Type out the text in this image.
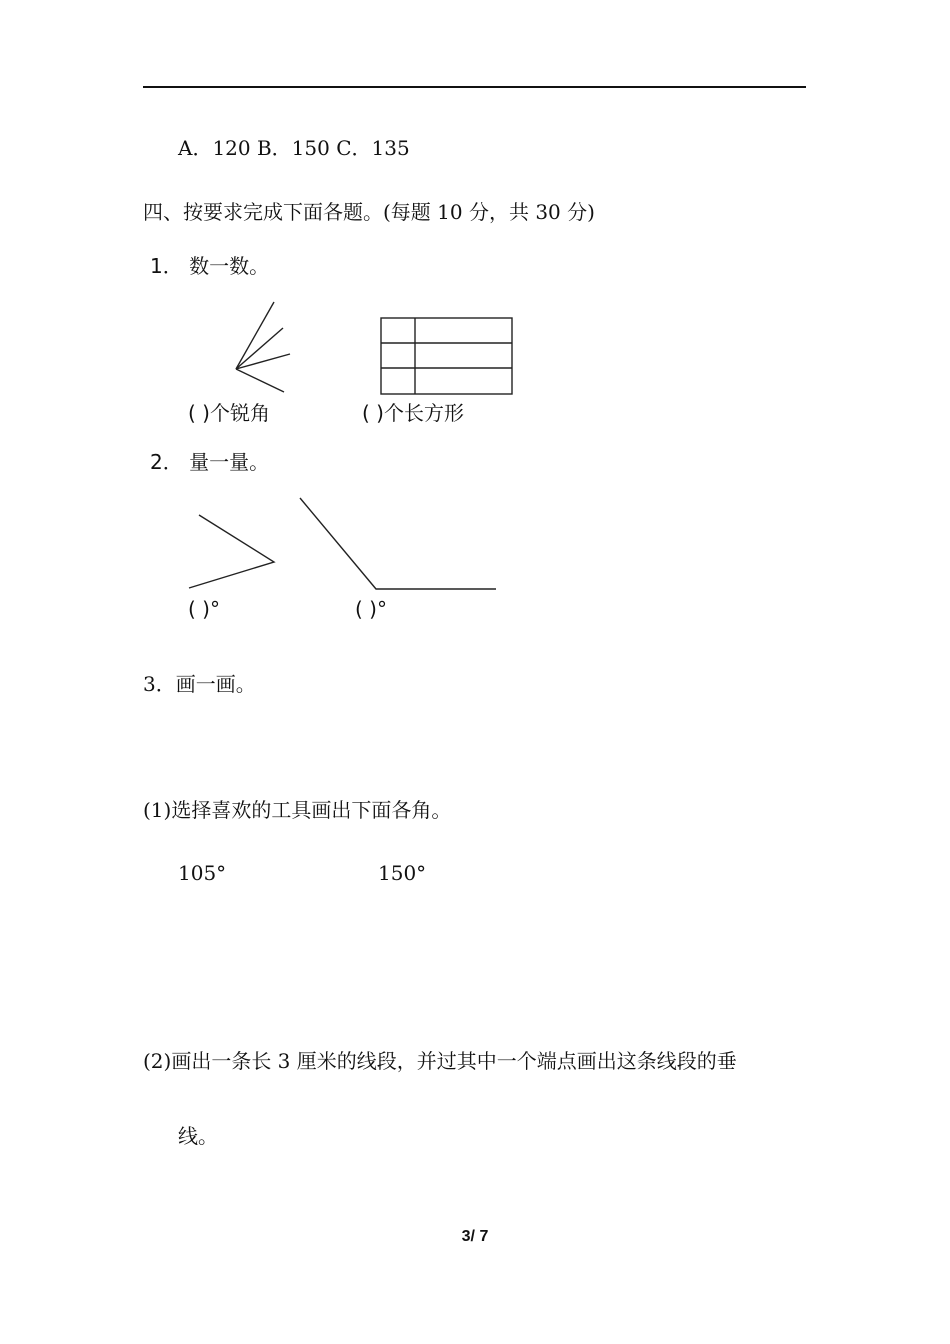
A．120 B．150 C．135
四、按要求完成下面各题。(每题 10 分，共 30 分)
1． 数一数。
( )个锐角	( )个长方形
2． 量一量。
( )°	( )°
3．画一画。
(1)选择喜欢的工具画出下面各角。
105°	150°
(2)画出一条长 3 厘米的线段，并过其中一个端点画出这条线段的垂
线。
3/ 7
